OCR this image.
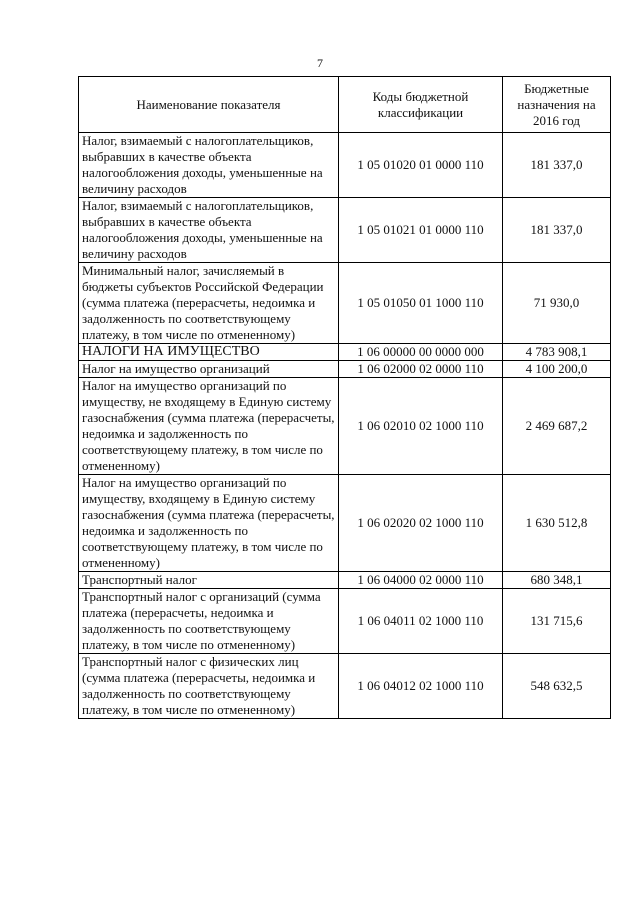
7
Наименование показателя	Коды бюджетной классификации	Бюджетные назначения на 2016 год
Налог, взимаемый с налогоплательщиков, выбравших в качестве объекта налогообложения доходы, уменьшенные на величину расходов	1 05 01020 01 0000 110	181 337,0
Налог, взимаемый с налогоплательщиков, выбравших в качестве объекта налогообложения доходы, уменьшенные на величину расходов	1 05 01021 01 0000 110	181 337,0
Минимальный налог, зачисляемый в бюджеты субъектов Российской Федерации (сумма платежа (перерасчеты, недоимка и задолженность по соответствующему платежу, в том числе по отмененному)	1 05 01050 01 1000 110	71 930,0
НАЛОГИ НА ИМУЩЕСТВО	1 06 00000 00 0000 000	4 783 908,1
Налог на имущество организаций	1 06 02000 02 0000 110	4 100 200,0
Налог на имущество организаций по имуществу, не входящему в Единую систему газоснабжения (сумма платежа (перерасчеты, недоимка и задолженность по соответствующему платежу, в том числе по отмененному)	1 06 02010 02 1000 110	2 469 687,2
Налог на имущество организаций по имуществу, входящему в Единую систему газоснабжения (сумма платежа (перерасчеты, недоимка и задолженность по соответствующему платежу, в том числе по отмененному)	1 06 02020 02 1000 110	1 630 512,8
Транспортный налог	1 06 04000 02 0000 110	680 348,1
Транспортный налог с организаций (сумма платежа (перерасчеты, недоимка и задолженность по соответствующему платежу, в том числе по отмененному)	1 06 04011 02 1000 110	131 715,6
Транспортный налог с физических лиц (сумма платежа (перерасчеты, недоимка и задолженность по соответствующему платежу, в том числе по отмененному)	1 06 04012 02 1000 110	548 632,5
